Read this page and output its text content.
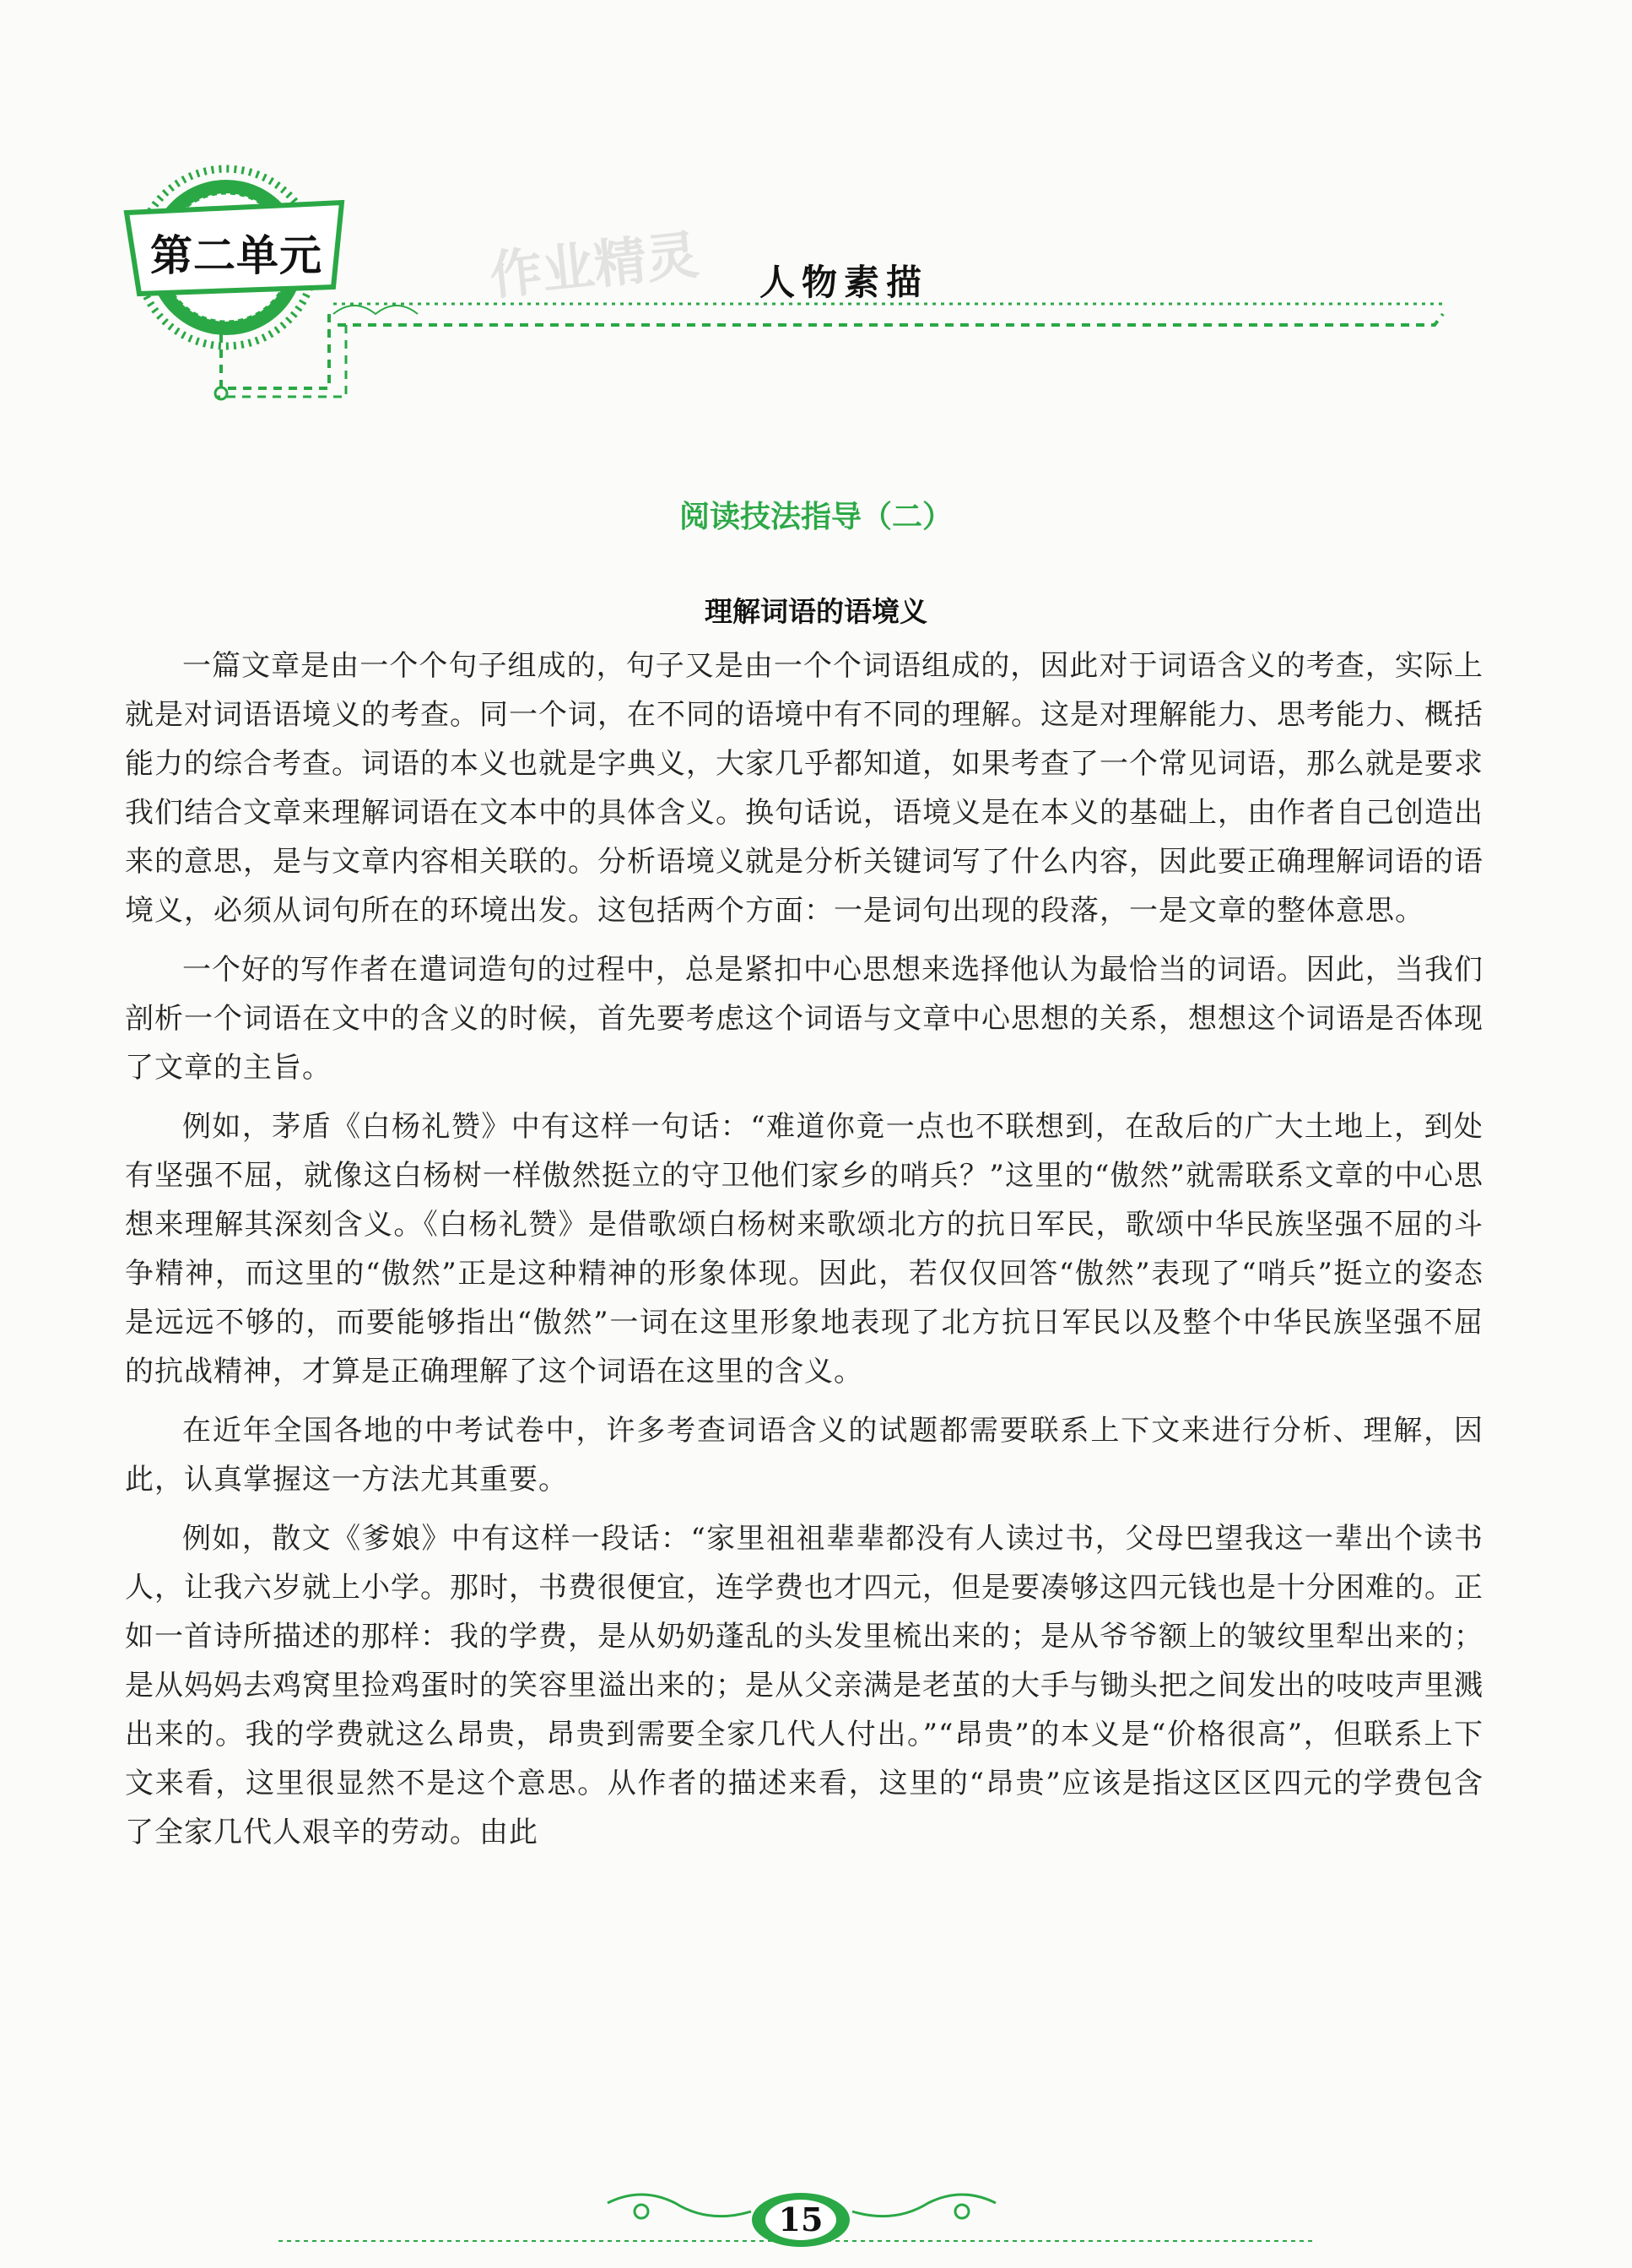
第二单元	作业精灵	人物素描
阅读技法指导（二）
理解词语的语境义

一篇文章是由一个个句子组成的，句子又是由一个个词语组成的，因此对于词语含义的考查，实际上就是对词语语境义的考查。同一个词，在不同的语境中有不同的理解。这是对理解能力、思考能力、概括能力的综合考查。词语的本义也就是字典义，大家几乎都知道，如果考查了一个常见词语，那么就是要求我们结合文章来理解词语在文本中的具体含义。换句话说，语境义是在本义的基础上，由作者自己创造出来的意思，是与文章内容相关联的。分析语境义就是分析关键词写了什么内容，因此要正确理解词语的语境义，必须从词句所在的环境出发。这包括两个方面：一是词句出现的段落，一是文章的整体意思。

一个好的写作者在遣词造句的过程中，总是紧扣中心思想来选择他认为最恰当的词语。因此，当我们剖析一个词语在文中的含义的时候，首先要考虑这个词语与文章中心思想的关系，想想这个词语是否体现了文章的主旨。

例如，茅盾《白杨礼赞》中有这样一句话：“难道你竟一点也不联想到，在敌后的广大土地上，到处有坚强不屈，就像这白杨树一样傲然挺立的守卫他们家乡的哨兵？”这里的“傲然”就需联系文章的中心思想来理解其深刻含义。《白杨礼赞》是借歌颂白杨树来歌颂北方的抗日军民，歌颂中华民族坚强不屈的斗争精神，而这里的“傲然”正是这种精神的形象体现。因此，若仅仅回答“傲然”表现了“哨兵”挺立的姿态是远远不够的，而要能够指出“傲然”一词在这里形象地表现了北方抗日军民以及整个中华民族坚强不屈的抗战精神，才算是正确理解了这个词语在这里的含义。

在近年全国各地的中考试卷中，许多考查词语含义的试题都需要联系上下文来进行分析、理解，因此，认真掌握这一方法尤其重要。

例如，散文《爹娘》中有这样一段话：“家里祖祖辈辈都没有人读过书，父母巴望我这一辈出个读书人，让我六岁就上小学。那时，书费很便宜，连学费也才四元，但是要凑够这四元钱也是十分困难的。正如一首诗所描述的那样：我的学费，是从奶奶蓬乱的头发里梳出来的；是从爷爷额上的皱纹里犁出来的；是从妈妈去鸡窝里捡鸡蛋时的笑容里溢出来的；是从父亲满是老茧的大手与锄头把之间发出的吱吱声里溅出来的。我的学费就这么昂贵，昂贵到需要全家几代人付出。”“昂贵”的本义是“价格很高”，但联系上下文来看，这里很显然不是这个意思。从作者的描述来看，这里的“昂贵”应该是指这区区四元的学费包含了全家几代人艰辛的劳动。由此

15
